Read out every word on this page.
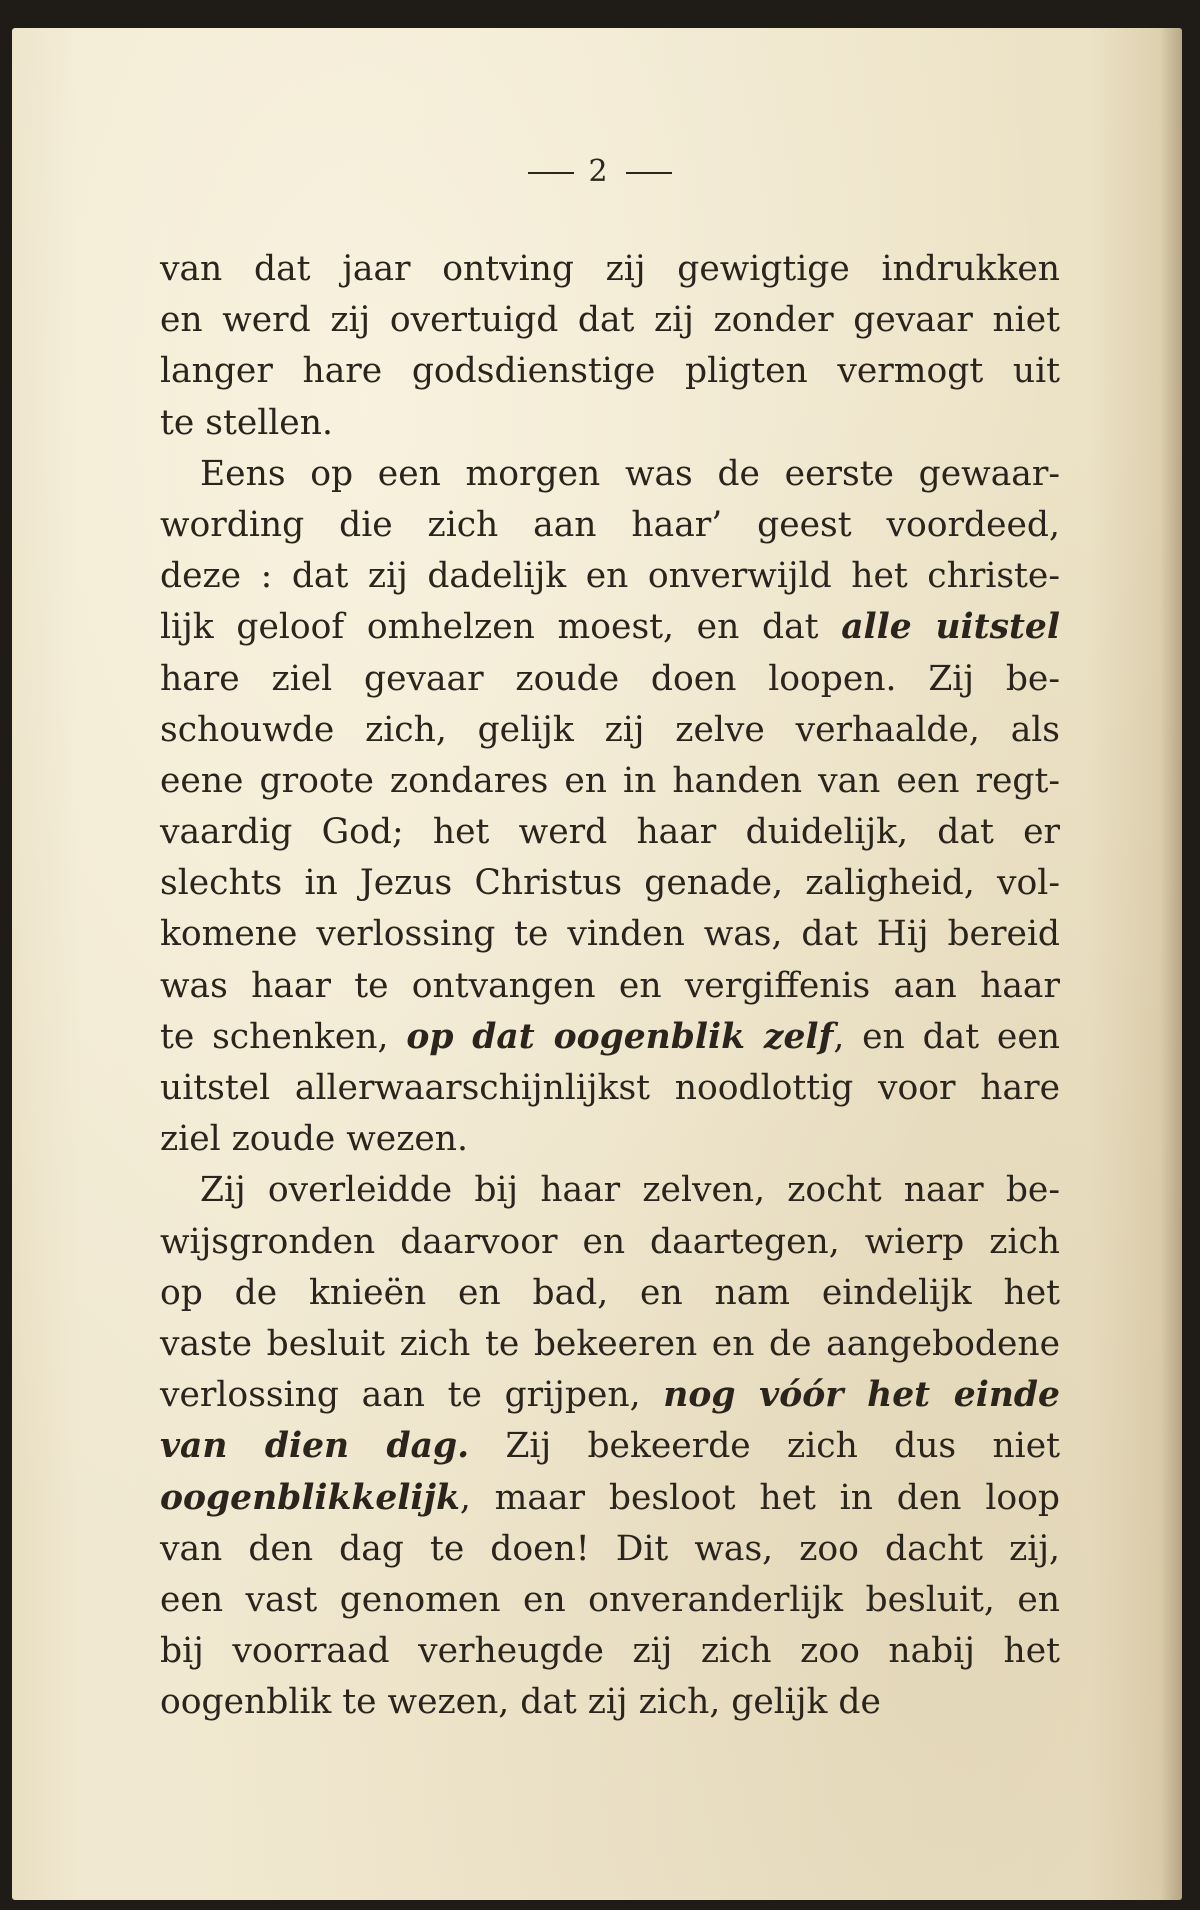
2
van dat jaar ontving zij gewigtige indrukken
en werd zij overtuigd dat zij zonder gevaar niet
langer hare godsdienstige pligten vermogt uit
te stellen.
Eens op een morgen was de eerste gewaar-
wording die zich aan haar’ geest voordeed,
deze : dat zij dadelijk en onverwijld het christe-
lijk geloof omhelzen moest, en dat alle uitstel
hare ziel gevaar zoude doen loopen. Zij be-
schouwde zich, gelijk zij zelve verhaalde, als
eene groote zondares en in handen van een regt-
vaardig God; het werd haar duidelijk, dat er
slechts in Jezus Christus genade, zaligheid, vol-
komene verlossing te vinden was, dat Hij bereid
was haar te ontvangen en vergiffenis aan haar
te schenken, op dat oogenblik zelf, en dat een
uitstel allerwaarschijnlijkst noodlottig voor hare
ziel zoude wezen.
Zij overleidde bij haar zelven, zocht naar be-
wijsgronden daarvoor en daartegen, wierp zich
op de knieën en bad, en nam eindelijk het
vaste besluit zich te bekeeren en de aangebodene
verlossing aan te grijpen, nog vóór het einde
van dien dag. Zij bekeerde zich dus niet
oogenblikkelijk, maar besloot het in den loop
van den dag te doen! Dit was, zoo dacht zij,
een vast genomen en onveranderlijk besluit, en
bij voorraad verheugde zij zich zoo nabij het
oogenblik te wezen, dat zij zich, gelijk de
